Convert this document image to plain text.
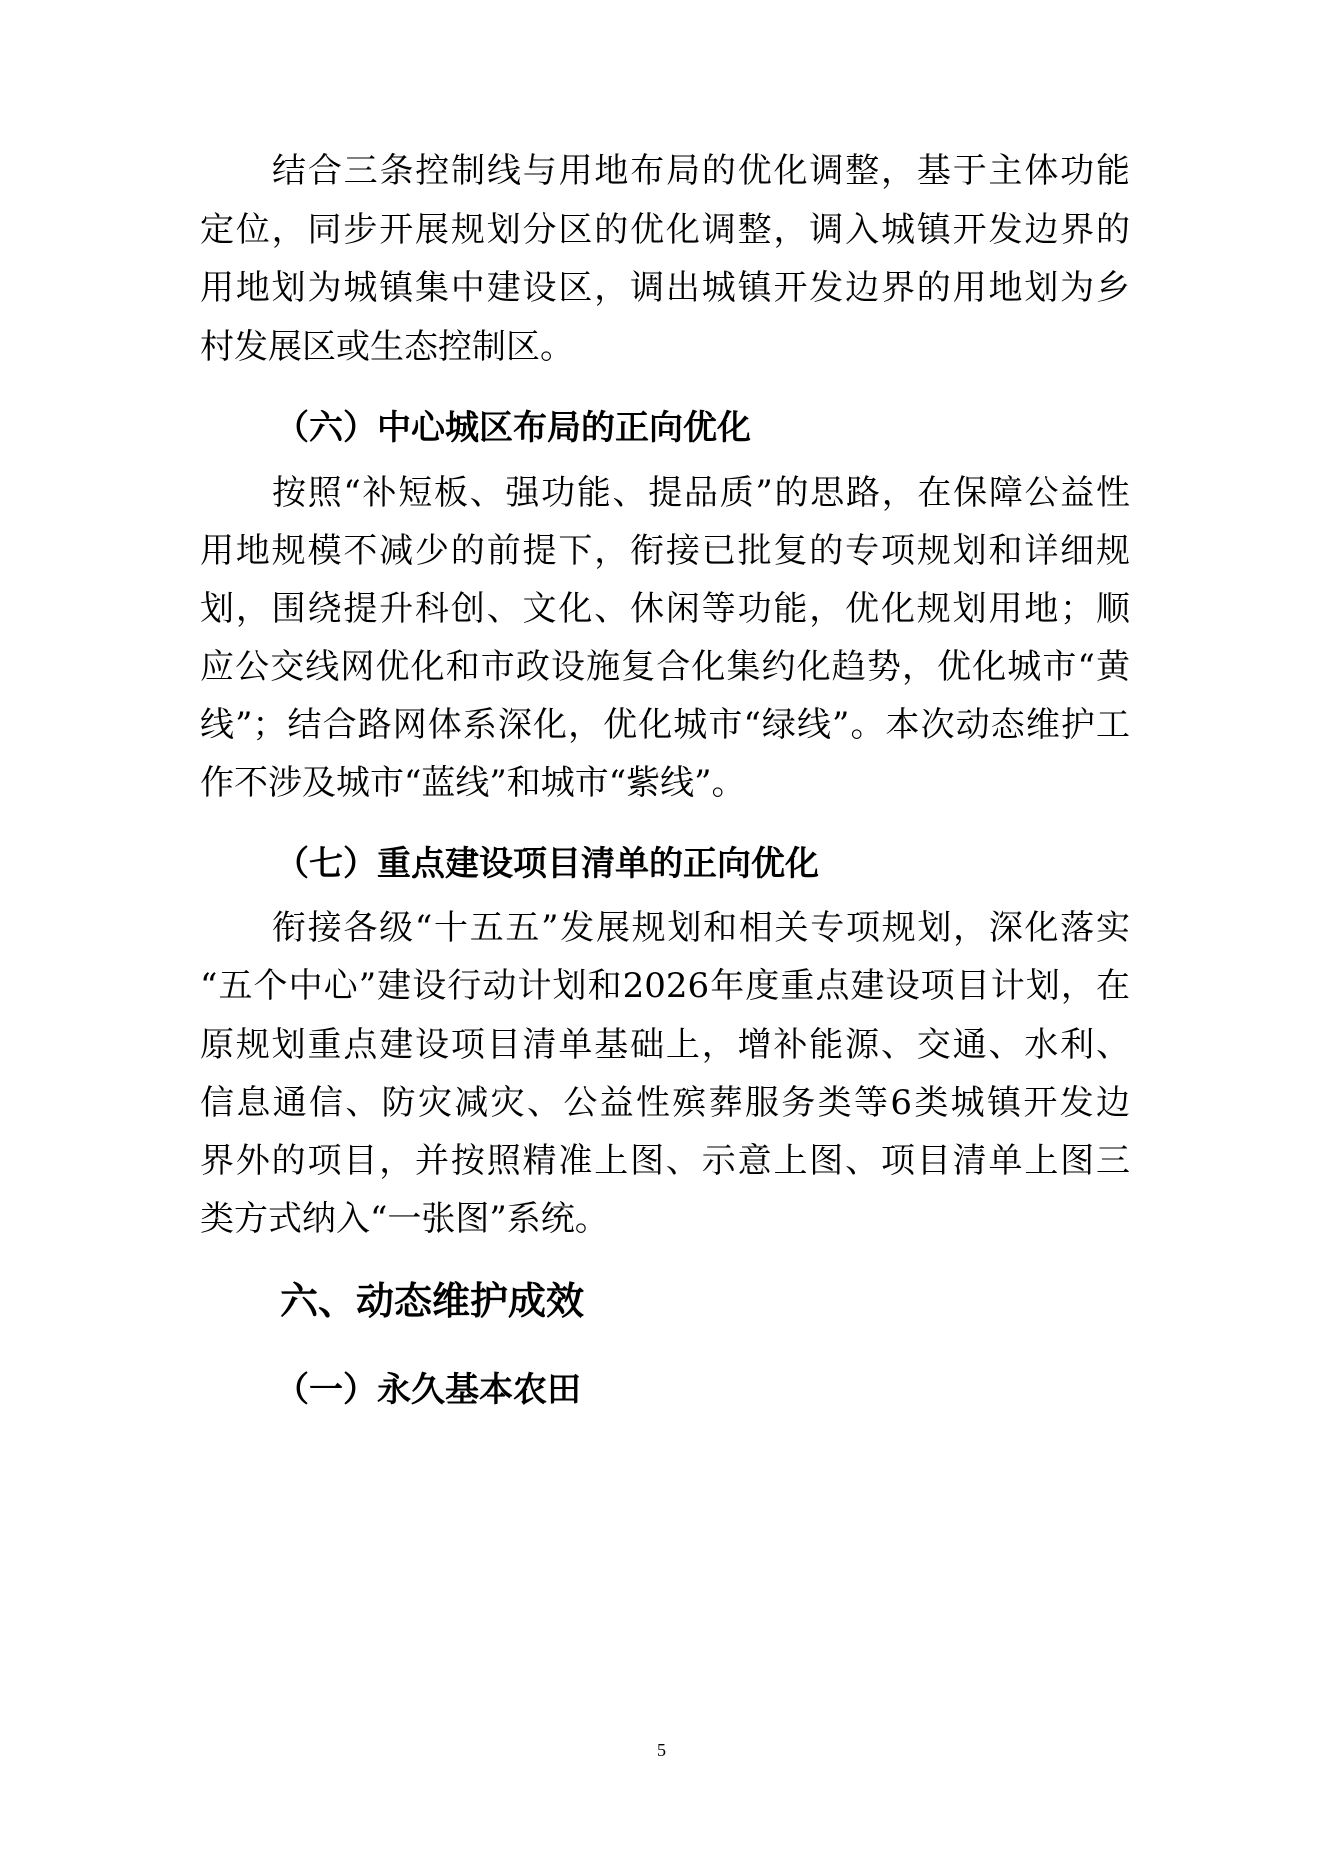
结合三条控制线与用地布局的优化调整，基于主体功能
定位，同步开展规划分区的优化调整，调入城镇开发边界的
用地划为城镇集中建设区，调出城镇开发边界的用地划为乡
村发展区或生态控制区。
（六）中心城区布局的正向优化
按照“补短板、强功能、提品质”的思路，在保障公益性
用地规模不减少的前提下，衔接已批复的专项规划和详细规
划，围绕提升科创、文化、休闲等功能，优化规划用地；顺
应公交线网优化和市政设施复合化集约化趋势，优化城市“黄
线”；结合路网体系深化，优化城市“绿线”。本次动态维护工
作不涉及城市“蓝线”和城市“紫线”。
（七）重点建设项目清单的正向优化
衔接各级“十五五”发展规划和相关专项规划，深化落实
“五个中心”建设行动计划和2026年度重点建设项目计划，在
原规划重点建设项目清单基础上，增补能源、交通、水利、
信息通信、防灾减灾、公益性殡葬服务类等6类城镇开发边
界外的项目，并按照精准上图、示意上图、项目清单上图三
类方式纳入“一张图”系统。
六、动态维护成效
（一）永久基本农田
5
